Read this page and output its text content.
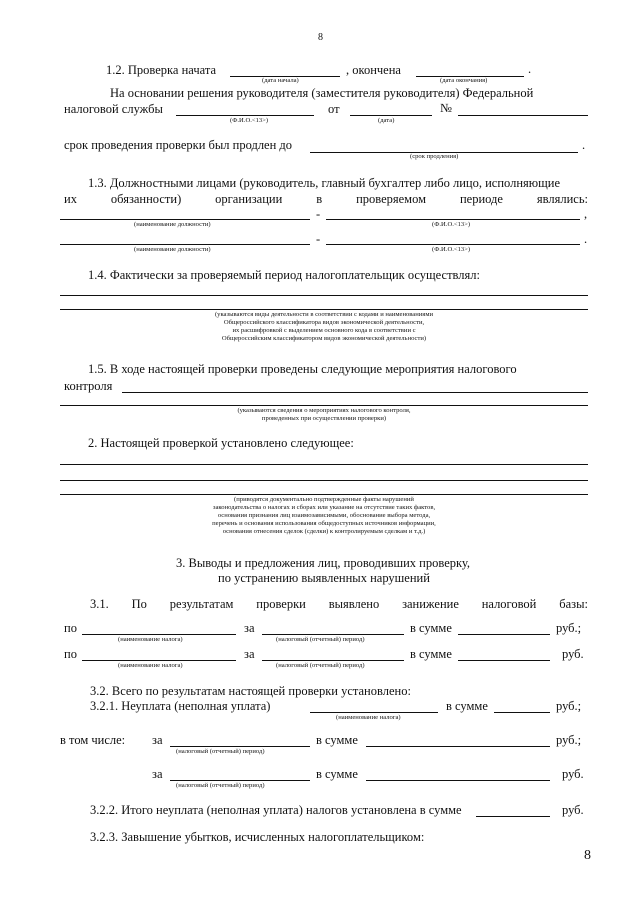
8
1.2. Проверка начата	, окончена	.
(дата начала)	(дата окончания)
На основании решения руководителя (заместителя руководителя) Федеральной
налоговой службы	от	№
(Ф.И.О.<13>)	(дата)
срок проведения проверки был продлен до	.
(срок продления)
1.3. Должностными лицами (руководитель, главный бухгалтер либо лицо, исполняющие
их	обязанности)	организации	в	проверяемом	периоде	являлись:
-	,
(наименование должности)	(Ф.И.О.<13>)
-	.
(наименование должности)	(Ф.И.О.<13>)
1.4. Фактически за проверяемый период налогоплательщик осуществлял:
(указываются виды деятельности в соответствии с кодами и наименованиями
Общероссийского классификатора видов экономической деятельности,
их расшифровкой с выделением основного кода в соответствии с
Общероссийским классификатором видов экономической деятельности)
1.5. В ходе настоящей проверки проведены следующие мероприятия налогового
контроля
(указываются сведения о мероприятиях налогового контроля,
проведенных при осуществлении проверки)
2. Настоящей проверкой установлено следующее:
(приводятся документально подтвержденные факты нарушений
законодательства о налогах и сборах или указание на отсутствие таких фактов,
основания признания лиц взаимозависимыми, обоснование выбора метода,
перечень и основания использования общедоступных источников информации,
основания отнесения сделок (сделки) к контролируемым сделкам и т.д.)
3. Выводы и предложения лиц, проводивших проверку,
по устранению выявленных нарушений
3.1. По результатам проверки выявлено занижение налоговой базы:
по	за	в сумме	руб.;
(наименование налога)	(налоговый (отчетный) период)
по	за	в сумме	руб.
(наименование налога)	(налоговый (отчетный) период)
3.2. Всего по результатам настоящей проверки установлено:
3.2.1. Неуплата (неполная уплата)	в сумме	руб.;
(наименование налога)
в том числе: за	в сумме	руб.;
(налоговый (отчетный) период)
за	в сумме	руб.
(налоговый (отчетный) период)
3.2.2. Итого неуплата (неполная уплата) налогов установлена в сумме	руб.
3.2.3. Завышение убытков, исчисленных налогоплательщиком:
8
